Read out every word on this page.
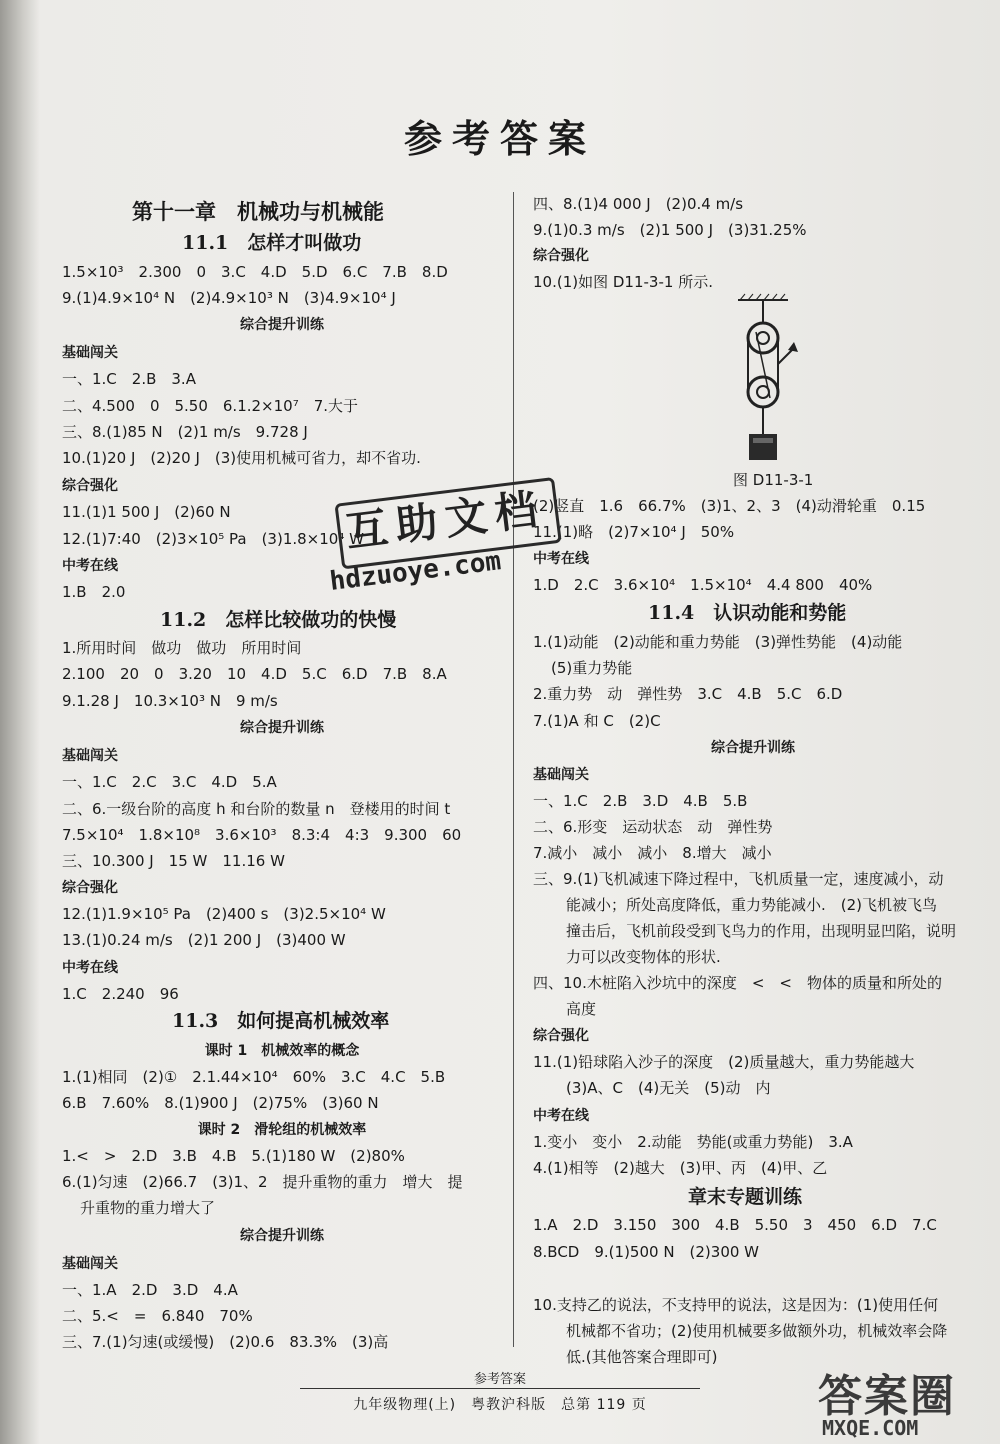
参考答案
第十一章　机械功与机械能
11.1　怎样才叫做功
1.5×10³　2.300　0　3.C　4.D　5.D　6.C　7.B　8.D
9.(1)4.9×10⁴ N　(2)4.9×10³ N　(3)4.9×10⁴ J
综合提升训练
基础闯关
一、1.C　2.B　3.A
二、4.500　0　5.50　6.1.2×10⁷　7.大于
三、8.(1)85 N　(2)1 m/s　9.728 J
10.(1)20 J　(2)20 J　(3)使用机械可省力，却不省功.
综合强化
11.(1)1 500 J　(2)60 N
12.(1)7:40　(2)3×10⁵ Pa　(3)1.8×10⁴ W
中考在线
1.B　2.0
11.2　怎样比较做功的快慢
1.所用时间　做功　做功　所用时间
2.100　20　0　3.20　10　4.D　5.C　6.D　7.B　8.A
9.1.28 J　10.3×10³ N　9 m/s
综合提升训练
基础闯关
一、1.C　2.C　3.C　4.D　5.A
二、6.一级台阶的高度 h 和台阶的数量 n　登楼用的时间 t
7.5×10⁴　1.8×10⁸　3.6×10³　8.3:4　4:3　9.300　60
三、10.300 J　15 W　11.16 W
综合强化
12.(1)1.9×10⁵ Pa　(2)400 s　(3)2.5×10⁴ W
13.(1)0.24 m/s　(2)1 200 J　(3)400 W
中考在线
1.C　2.240　96
11.3　如何提高机械效率
课时 1　机械效率的概念
1.(1)相同　(2)①　2.1.44×10⁴　60%　3.C　4.C　5.B
6.B　7.60%　8.(1)900 J　(2)75%　(3)60 N
课时 2　滑轮组的机械效率
1.<　>　2.D　3.B　4.B　5.(1)180 W　(2)80%
6.(1)匀速　(2)66.7　(3)1、2　提升重物的重力　增大　提
升重物的重力增大了
综合提升训练
基础闯关
一、1.A　2.D　3.D　4.A
二、5.<　=　6.840　70%
三、7.(1)匀速(或缓慢)　(2)0.6　83.3%　(3)高
四、8.(1)4 000 J　(2)0.4 m/s
9.(1)0.3 m/s　(2)1 500 J　(3)31.25%
综合强化
10.(1)如图 D11-3-1 所示.
图 D11-3-1
(2)竖直　1.6　66.7%　(3)1、2、3　(4)动滑轮重　0.15
11.(1)略　(2)7×10⁴ J　50%
中考在线
1.D　2.C　3.6×10⁴　1.5×10⁴　4.4 800　40%
11.4　认识动能和势能
1.(1)动能　(2)动能和重力势能　(3)弹性势能　(4)动能
(5)重力势能
2.重力势　动　弹性势　3.C　4.B　5.C　6.D
7.(1)A 和 C　(2)C
综合提升训练
基础闯关
一、1.C　2.B　3.D　4.B　5.B
二、6.形变　运动状态　动　弹性势
7.减小　减小　减小　8.增大　减小
三、9.(1)飞机减速下降过程中，飞机质量一定，速度减小，动
能减小；所处高度降低，重力势能减小.　(2)飞机被飞鸟
撞击后，飞机前段受到飞鸟力的作用，出现明显凹陷，说明
力可以改变物体的形状.
四、10.木桩陷入沙坑中的深度　<　<　物体的质量和所处的
高度
综合强化
11.(1)铅球陷入沙子的深度　(2)质量越大，重力势能越大
(3)A、C　(4)无关　(5)动　内
中考在线
1.变小　变小　2.动能　势能(或重力势能)　3.A
4.(1)相等　(2)越大　(3)甲、丙　(4)甲、乙
章末专题训练
1.A　2.D　3.150　300　4.B　5.50　3　450　6.D　7.C
8.BCD　9.(1)500 N　(2)300 W
10.支持乙的说法，不支持甲的说法，这是因为：(1)使用任何
机械都不省功；(2)使用机械要多做额外功，机械效率会降
低.(其他答案合理即可)
互助文档
hdzuoye.com
参考答案
九年级物理(上)　粤教沪科版　总第 119 页	答案圈
MXQE.COM
